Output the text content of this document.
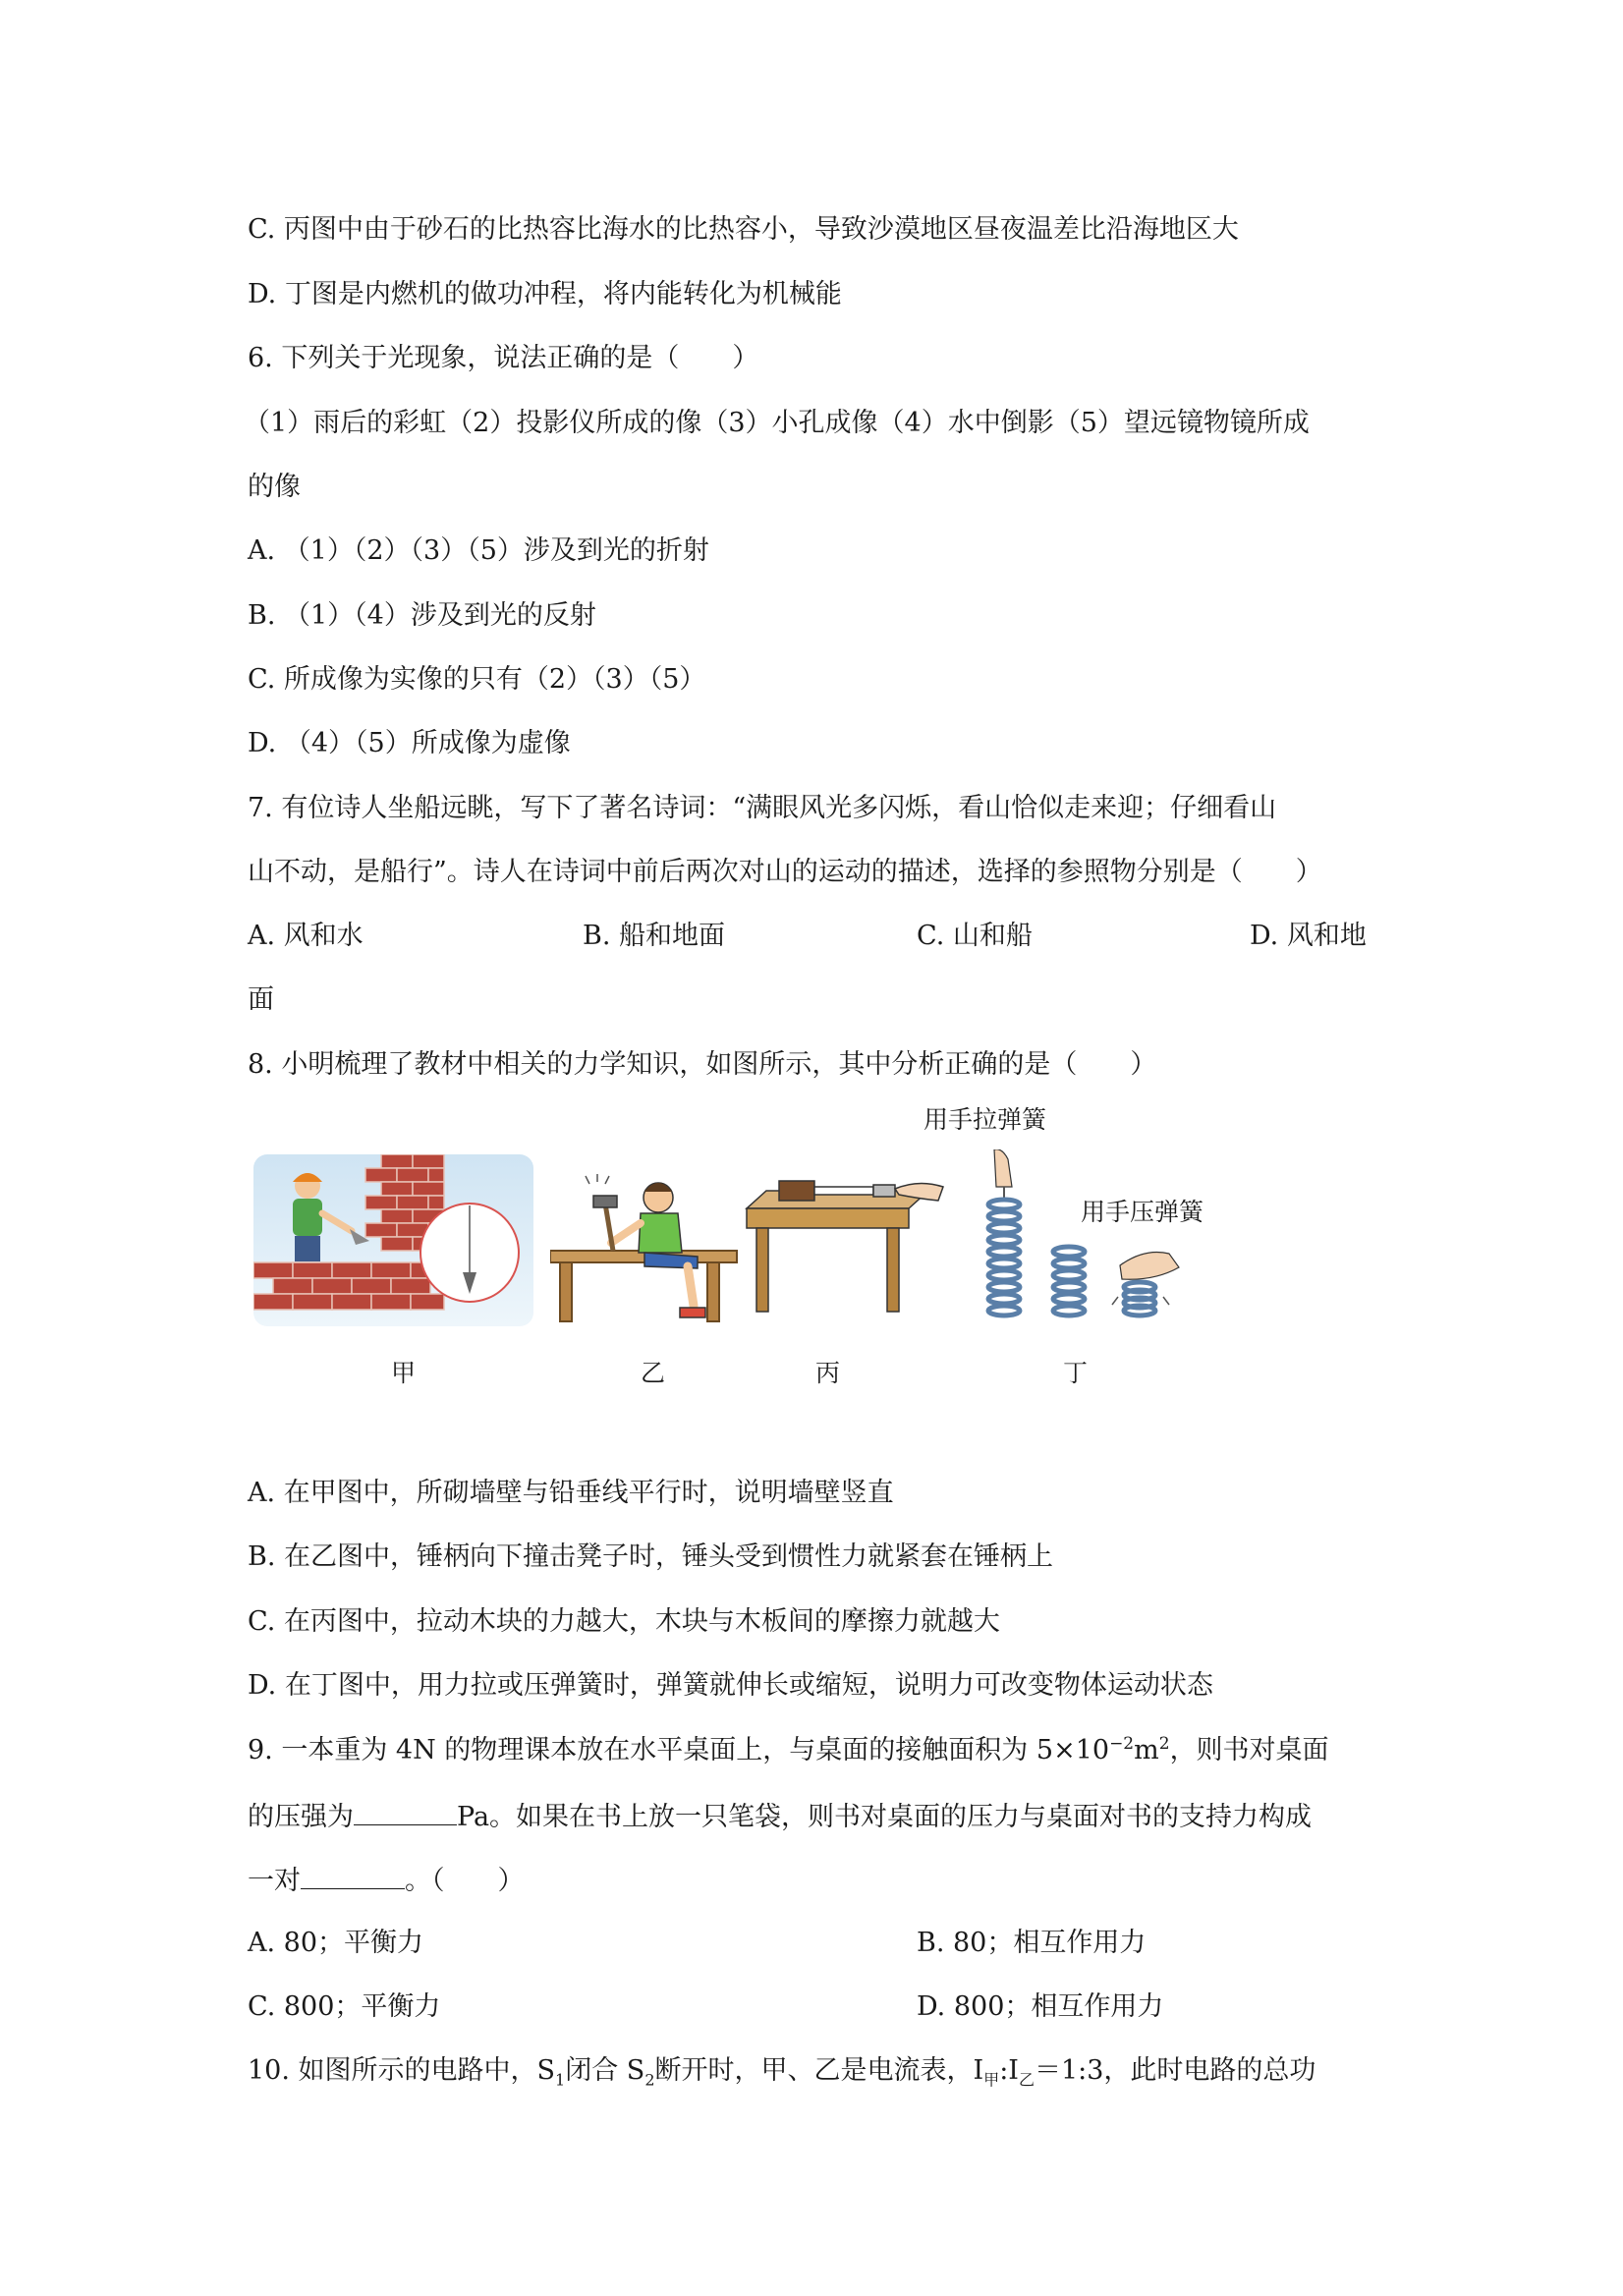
C. 丙图中由于砂石的比热容比海水的比热容小，导致沙漠地区昼夜温差比沿海地区大
D. 丁图是内燃机的做功冲程，将内能转化为机械能
6. 下列关于光现象，说法正确的是（　　）
（1）雨后的彩虹（2）投影仪所成的像（3）小孔成像（4）水中倒影（5）望远镜物镜所成
的像
A. （1）（2）（3）（5）涉及到光的折射
B. （1）（4）涉及到光的反射
C. 所成像为实像的只有（2）（3）（5）
D. （4）（5）所成像为虚像
7. 有位诗人坐船远眺，写下了著名诗词：“满眼风光多闪烁，看山恰似走来迎；仔细看山
山不动，是船行”。诗人在诗词中前后两次对山的运动的描述，选择的参照物分别是（　　）
A. 风和水	B. 船和地面	C. 山和船	D. 风和地
面
8. 小明梳理了教材中相关的力学知识，如图所示，其中分析正确的是（　　）
用手拉弹簧
用手压弹簧
甲	乙	丙	丁
A. 在甲图中，所砌墙壁与铅垂线平行时，说明墙壁竖直
B. 在乙图中，锤柄向下撞击凳子时，锤头受到惯性力就紧套在锤柄上
C. 在丙图中，拉动木块的力越大，木块与木板间的摩擦力就越大
D. 在丁图中，用力拉或压弹簧时，弹簧就伸长或缩短，说明力可改变物体运动状态
9. 一本重为 4N 的物理课本放在水平桌面上，与桌面的接触面积为 $5\times 10^{-2}m^2$，则书对桌面
的压强为	Pa。如果在书上放一只笔袋，则书对桌面的压力与桌面对书的支持力构成
一对	。（　　）
A. 80；平衡力	B. 80；相互作用力
C. 800；平衡力	D. 800；相互作用力
10. 如图所示的电路中，$S_1$闭合 $S_2$断开时，甲、乙是电流表，$I_甲:I_乙=1:3$，此时电路的总功
